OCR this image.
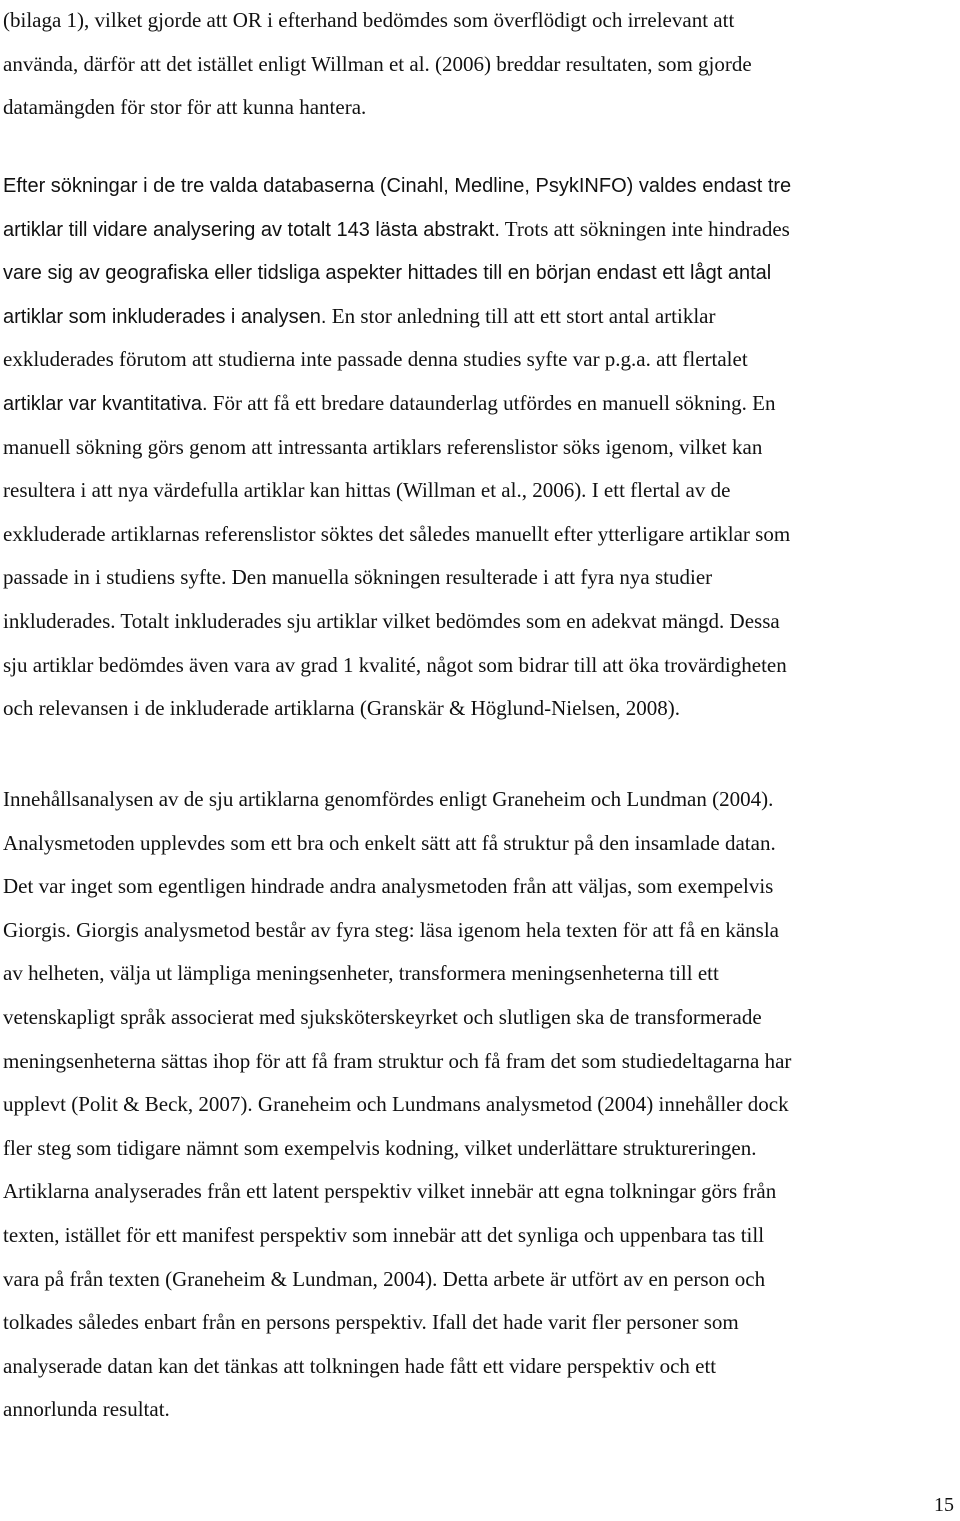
(bilaga 1), vilket gjorde att OR i efterhand bedömdes som överflödigt och irrelevant att
använda, därför att det istället enligt Willman et al. (2006) breddar resultaten, som gjorde
datamängden för stor för att kunna hantera.
Efter sökningar i de tre valda databaserna (Cinahl, Medline, PsykINFO) valdes endast tre
artiklar till vidare analysering av totalt 143 lästa abstrakt. Trots att sökningen inte hindrades
vare sig av geografiska eller tidsliga aspekter hittades till en början endast ett lågt antal
artiklar som inkluderades i analysen. En stor anledning till att ett stort antal artiklar
exkluderades förutom att studierna inte passade denna studies syfte var p.g.a. att flertalet
artiklar var kvantitativa. För att få ett bredare dataunderlag utfördes en manuell sökning. En
manuell sökning görs genom att intressanta artiklars referenslistor söks igenom, vilket kan
resultera i att nya värdefulla artiklar kan hittas (Willman et al., 2006). I ett flertal av de
exkluderade artiklarnas referenslistor söktes det således manuellt efter ytterligare artiklar som
passade in i studiens syfte. Den manuella sökningen resulterade i att fyra nya studier
inkluderades. Totalt inkluderades sju artiklar vilket bedömdes som en adekvat mängd. Dessa
sju artiklar bedömdes även vara av grad 1 kvalité, något som bidrar till att öka trovärdigheten
och relevansen i de inkluderade artiklarna (Granskär & Höglund-Nielsen, 2008).
Innehållsanalysen av de sju artiklarna genomfördes enligt Graneheim och Lundman (2004).
Analysmetoden upplevdes som ett bra och enkelt sätt att få struktur på den insamlade datan.
Det var inget som egentligen hindrade andra analysmetoden från att väljas, som exempelvis
Giorgis. Giorgis analysmetod består av fyra steg: läsa igenom hela texten för att få en känsla
av helheten, välja ut lämpliga meningsenheter, transformera meningsenheterna till ett
vetenskapligt språk associerat med sjuksköterskeyrket och slutligen ska de transformerade
meningsenheterna sättas ihop för att få fram struktur och få fram det som studiedeltagarna har
upplevt (Polit & Beck, 2007). Graneheim och Lundmans analysmetod (2004) innehåller dock
fler steg som tidigare nämnt som exempelvis kodning, vilket underlättare struktureringen.
Artiklarna analyserades från ett latent perspektiv vilket innebär att egna tolkningar görs från
texten, istället för ett manifest perspektiv som innebär att det synliga och uppenbara tas till
vara på från texten (Graneheim & Lundman, 2004). Detta arbete är utfört av en person och
tolkades således enbart från en persons perspektiv. Ifall det hade varit fler personer som
analyserade datan kan det tänkas att tolkningen hade fått ett vidare perspektiv och ett
annorlunda resultat.
15
